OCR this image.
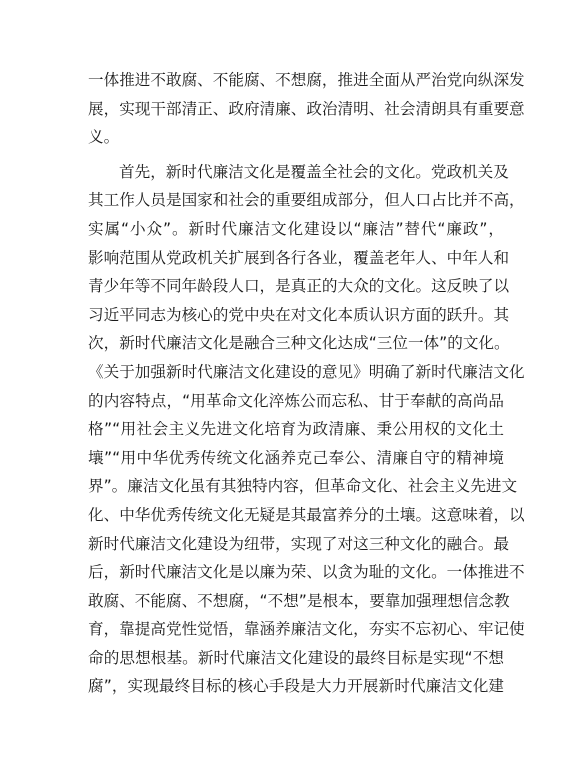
一体推进不敢腐、不能腐、不想腐，推进全面从严治党向纵深发
展，实现干部清正、政府清廉、政治清明、社会清朗具有重要意
义。
首先，新时代廉洁文化是覆盖全社会的文化。党政机关及
其工作人员是国家和社会的重要组成部分，但人口占比并不高，
实属“小众”。新时代廉洁文化建设以“廉洁”替代“廉政”，
影响范围从党政机关扩展到各行各业，覆盖老年人、中年人和
青少年等不同年龄段人口，是真正的大众的文化。这反映了以
习近平同志为核心的党中央在对文化本质认识方面的跃升。其
次，新时代廉洁文化是融合三种文化达成“三位一体”的文化。
《关于加强新时代廉洁文化建设的意见》明确了新时代廉洁文化
的内容特点，“用革命文化淬炼公而忘私、甘于奉献的高尚品
格”“用社会主义先进文化培育为政清廉、秉公用权的文化土
壤”“用中华优秀传统文化涵养克己奉公、清廉自守的精神境
界”。廉洁文化虽有其独特内容，但革命文化、社会主义先进文
化、中华优秀传统文化无疑是其最富养分的土壤。这意味着，以
新时代廉洁文化建设为纽带，实现了对这三种文化的融合。最
后，新时代廉洁文化是以廉为荣、以贪为耻的文化。一体推进不
敢腐、不能腐、不想腐，“不想”是根本，要靠加强理想信念教
育，靠提高党性觉悟，靠涵养廉洁文化，夯实不忘初心、牢记使
命的思想根基。新时代廉洁文化建设的最终目标是实现“不想
腐”，实现最终目标的核心手段是大力开展新时代廉洁文化建
